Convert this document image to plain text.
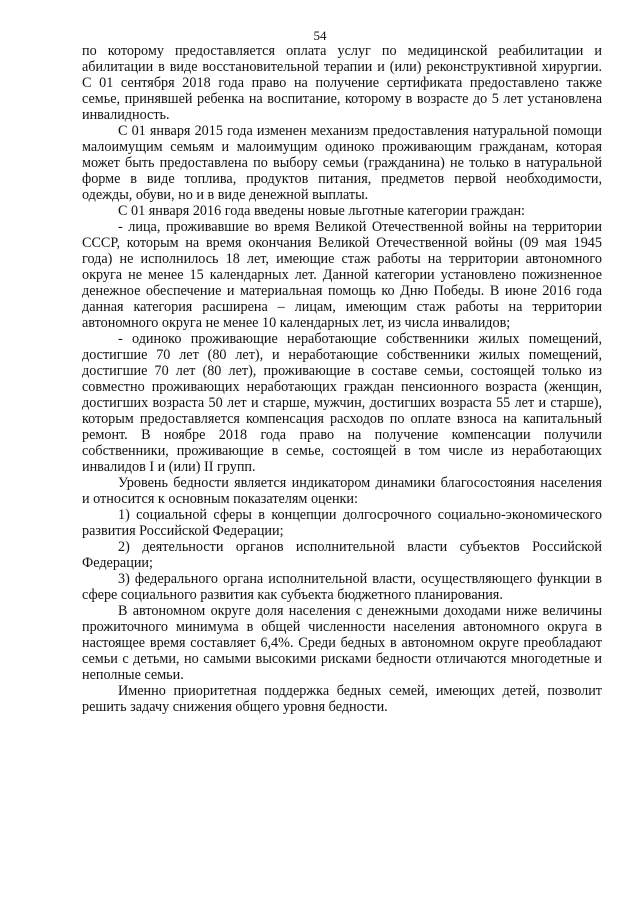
54

по которому предоставляется оплата услуг по медицинской реабилитации и абилитации в виде восстановительной терапии и (или) реконструктивной хирургии. С 01 сентября 2018 года право на получение сертификата предоставлено также семье, принявшей ребенка на воспитание, которому в возрасте до 5 лет установлена инвалидность.

С 01 января 2015 года изменен механизм предоставления натуральной помощи малоимущим семьям и малоимущим одиноко проживающим гражданам, которая может быть предоставлена по выбору семьи (гражданина) не только в натуральной форме в виде топлива, продуктов питания, предметов первой необходимости, одежды, обуви, но и в виде денежной выплаты.

С 01 января 2016 года введены новые льготные категории граждан:

- лица, проживавшие во время Великой Отечественной войны на территории СССР, которым на время окончания Великой Отечественной войны (09 мая 1945 года) не исполнилось 18 лет, имеющие стаж работы на территории автономного округа не менее 15 календарных лет. Данной категории установлено пожизненное денежное обеспечение и материальная помощь ко Дню Победы. В июне 2016 года данная категория расширена – лицам, имеющим стаж работы на территории автономного округа не менее 10 календарных лет, из числа инвалидов;

- одиноко проживающие неработающие собственники жилых помещений, достигшие 70 лет (80 лет), и неработающие собственники жилых помещений, достигшие 70 лет (80 лет), проживающие в составе семьи, состоящей только из совместно проживающих неработающих граждан пенсионного возраста (женщин, достигших возраста 50 лет и старше, мужчин, достигших возраста 55 лет и старше), которым предоставляется компенсация расходов по оплате взноса на капитальный ремонт. В ноябре 2018 года право на получение компенсации получили собственники, проживающие в семье, состоящей в том числе из неработающих инвалидов I и (или) II групп.

Уровень бедности является индикатором динамики благосостояния населения и относится к основным показателям оценки:

1) социальной сферы в концепции долгосрочного социально-экономического развития Российской Федерации;

2) деятельности органов исполнительной власти субъектов Российской Федерации;

3) федерального органа исполнительной власти, осуществляющего функции в сфере социального развития как субъекта бюджетного планирования.

В автономном округе доля населения с денежными доходами ниже величины прожиточного минимума в общей численности населения автономного округа в настоящее время составляет 6,4%. Среди бедных в автономном округе преобладают семьи с детьми, но самыми высокими рисками бедности отличаются многодетные и неполные семьи.

Именно приоритетная поддержка бедных семей, имеющих детей, позволит решить задачу снижения общего уровня бедности.
